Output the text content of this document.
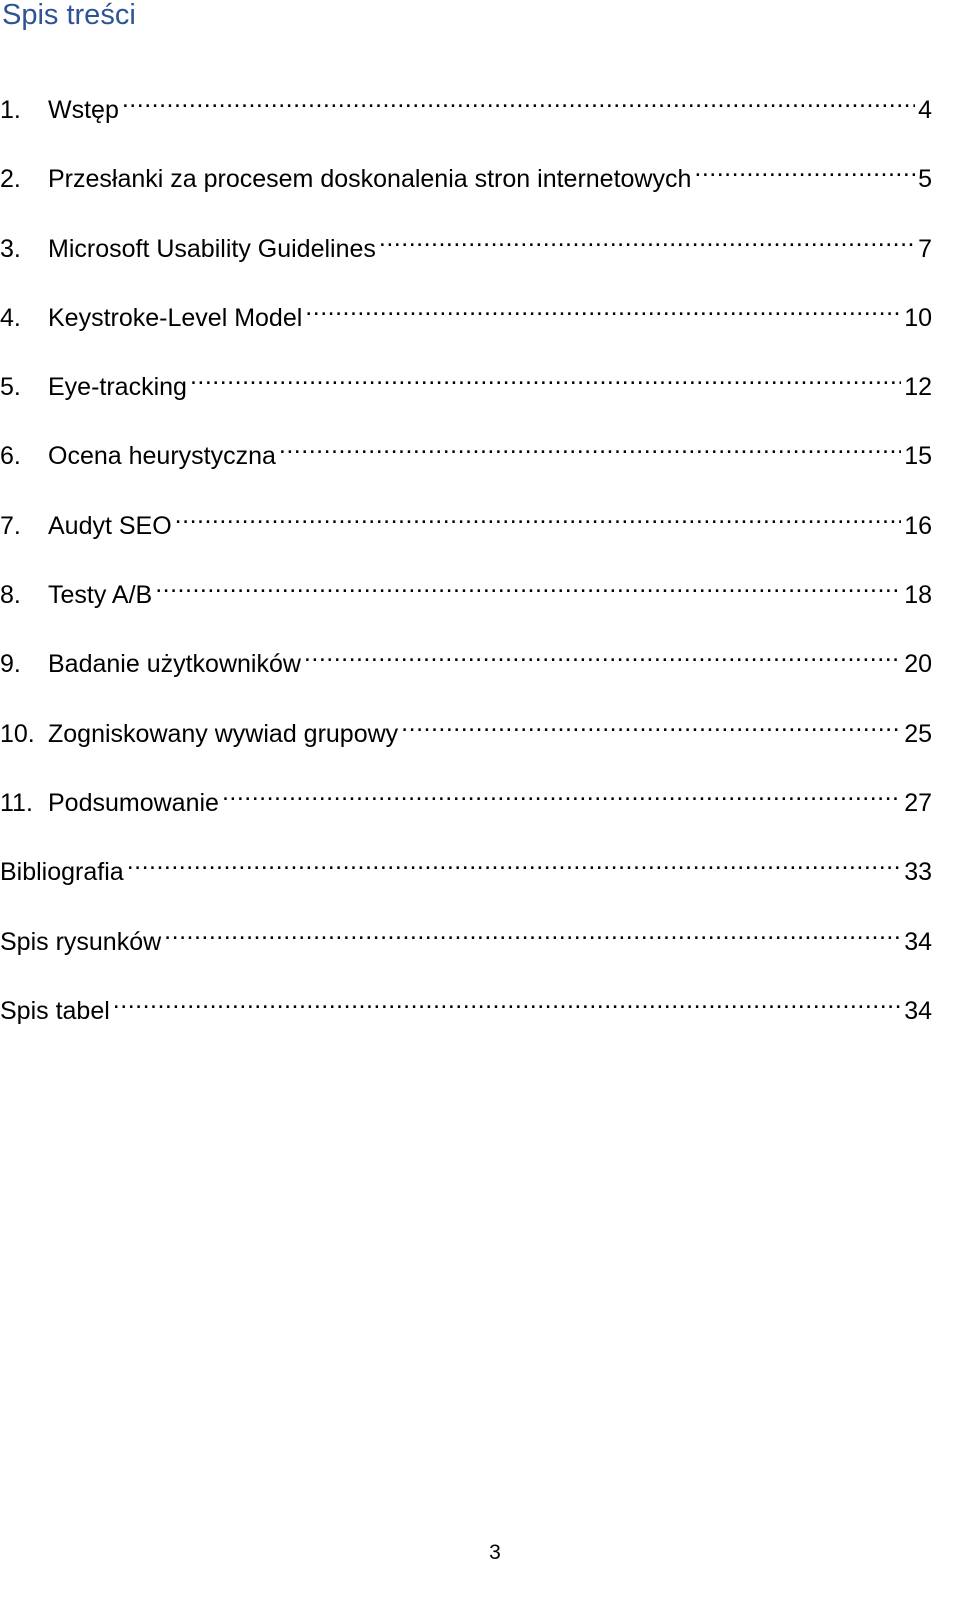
Spis treści
1.	Wstęp .....	4
2.	Przesłanki za procesem doskonalenia stron internetowych .....	5
3.	Microsoft Usability Guidelines .....	7
4.	Keystroke-Level Model .....	10
5.	Eye-tracking .....	12
6.	Ocena heurystyczna .....	15
7.	Audyt SEO .....	16
8.	Testy A/B .....	18
9.	Badanie użytkowników .....	20
10. Zogniskowany wywiad grupowy .....	25
11. Podsumowanie .....	27
Bibliografia .....	33
Spis rysunków .....	34
Spis tabel .....	34
3
